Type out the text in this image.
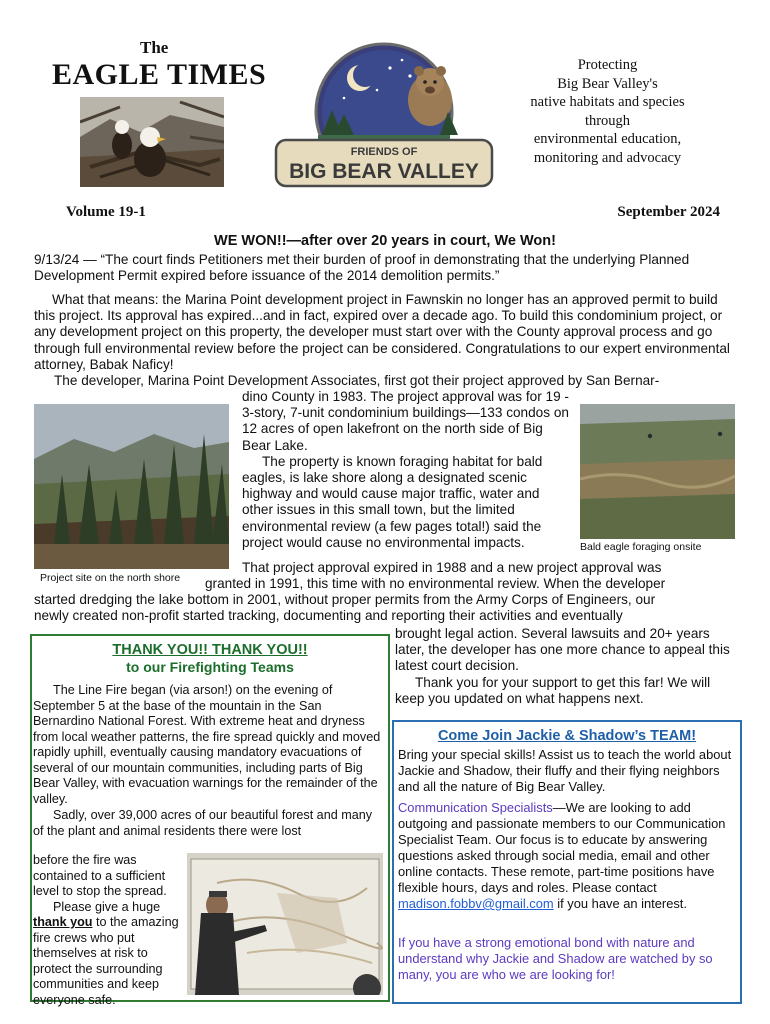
The
EAGLE TIMES
FRIENDS OF
BIG BEAR VALLEY
Protecting
Big Bear Valley's
native habitats and species
through
environmental education,
monitoring and advocacy
Volume 19-1	September 2024
WE WON!!—after over 20 years in court, We Won!

9/13/24 — “The court finds Petitioners met their burden of proof in demonstrating that the underlying Planned Development Permit expired before issuance of the 2014 demolition permits.”

What that means: the Marina Point development project in Fawnskin no longer has an approved permit to build this project. Its approval has expired...and in fact, expired over a decade ago. To build this condominium project, or any development project on this property, the developer must start over with the County approval process and go through full environmental review before the project can be considered. Congratulations to our expert environmental attorney, Babak Naficy!

The developer, Marina Point Development Associates, first got their project approved by San Bernar-

Project site on the north shore
Bald eagle foraging onsite

dino County in 1983. The project approval was for 19 - 3-story, 7-unit condominium buildings—133 condos on 12 acres of open lakefront on the north side of Big Bear Lake.

The property is known foraging habitat for bald eagles, is lake shore along a designated scenic highway and would cause major traffic, water and other issues in this small town, but the limited environmental review (a few pages total!) said the project would cause no environmental impacts.

That project approval expired in 1988 and a new project approval was

granted in 1991, this time with no environmental review. When the developer

started dredging the lake bottom in 2001, without proper permits from the Army Corps of Engineers, our

newly created non-profit started tracking, documenting and reporting their activities and eventually

brought legal action. Several lawsuits and 20+ years later, the developer has one more chance to appeal this latest court decision.

Thank you for your support to get this far! We will keep you updated on what happens next.

THANK YOU!! THANK YOU!!
to our Firefighting Teams

The Line Fire began (via arson!) on the evening of September 5 at the base of the mountain in the San Bernardino National Forest. With extreme heat and dryness from local weather patterns, the fire spread quickly and moved rapidly uphill, eventually causing mandatory evacuations of several of our mountain communities, including parts of Big Bear Valley, with evacuation warnings for the remainder of the valley.

Sadly, over 39,000 acres of our beautiful forest and many of the plant and animal residents there were lost

before the fire was contained to a sufficient level to stop the spread.

Please give a huge thank you to the amazing fire crews who put themselves at risk to protect the surrounding communities and keep everyone safe.

Come Join Jackie & Shadow’s TEAM!

Bring your special skills! Assist us to teach the world about Jackie and Shadow, their fluffy and their flying neighbors and all the nature of Big Bear Valley.

Communication Specialists—We are looking to add outgoing and passionate members to our Communication Specialist Team. Our focus is to educate by answering questions asked through social media, email and other online contacts. These remote, part-time positions have flexible hours, days and roles. Please contact madison.fobbv@gmail.com if you have an interest.

If you have a strong emotional bond with nature and understand why Jackie and Shadow are watched by so many, you are who we are looking for!
